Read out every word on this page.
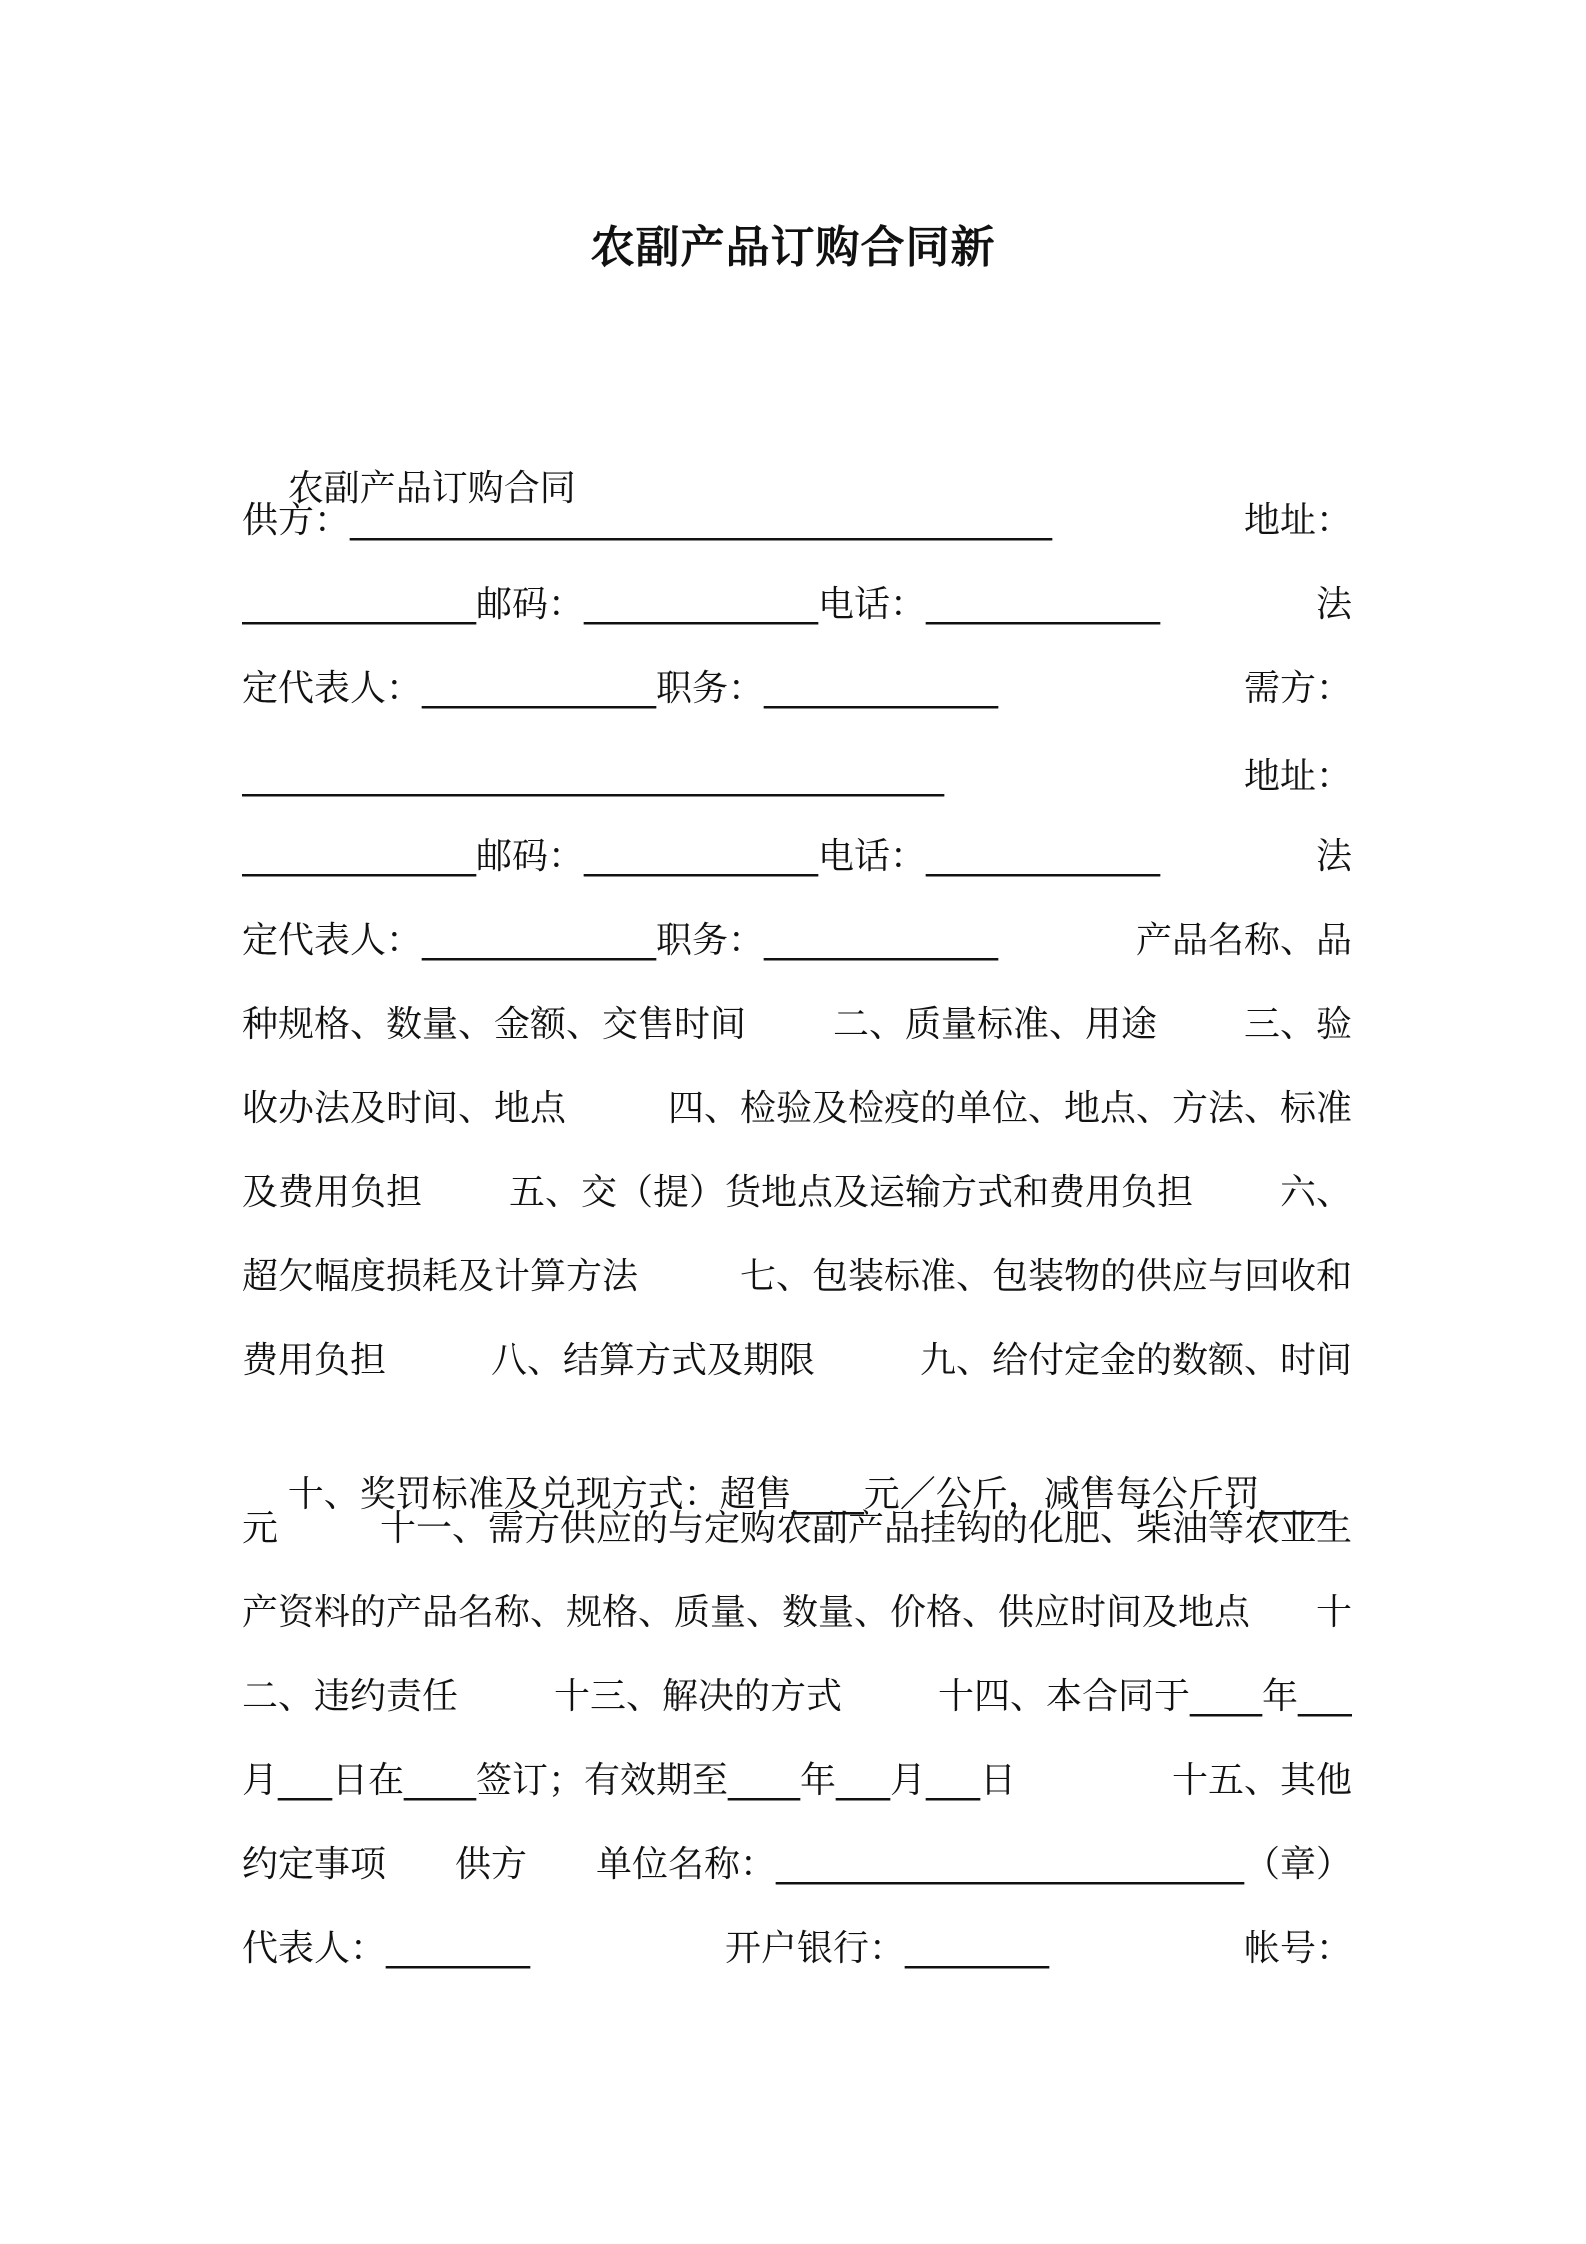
农副产品订购合同新

农副产品订购合同

供方：_______________________________________	地址：
_____________邮码：_____________电话：_____________	法
定代表人：_____________职务：_____________	需方：
_______________________________________	地址：
_____________邮码：_____________电话：_____________	法
定代表人：_____________职务：_____________	产品名称、品
种规格、数量、金额、交售时间 二、质量标准、用途 三、验
收办法及时间、地点	四、检验及检疫的单位、地点、方法、标准
及费用负担 五、交（提）货地点及运输方式和费用负担 六、
超欠幅度损耗及计算方法	七、包装标准、包装物的供应与回收和
费用负担	八、结算方式及期限	九、给付定金的数额、时间

十、奖罚标准及兑现方式：超售____元／公斤，减售每公斤罚____

元	十一、需方供应的与定购农副产品挂钩的化肥、柴油等农业生
产资料的产品名称、规格、质量、数量、价格、供应时间及地点 十
二、违约责任	十三、解决的方式	十四、本合同于____年___
月___日在____签订；有效期至____年___月___日	十五、其他
约定事项 供方 单位名称：__________________________（章）
代表人：________	开户银行：________	帐号：
